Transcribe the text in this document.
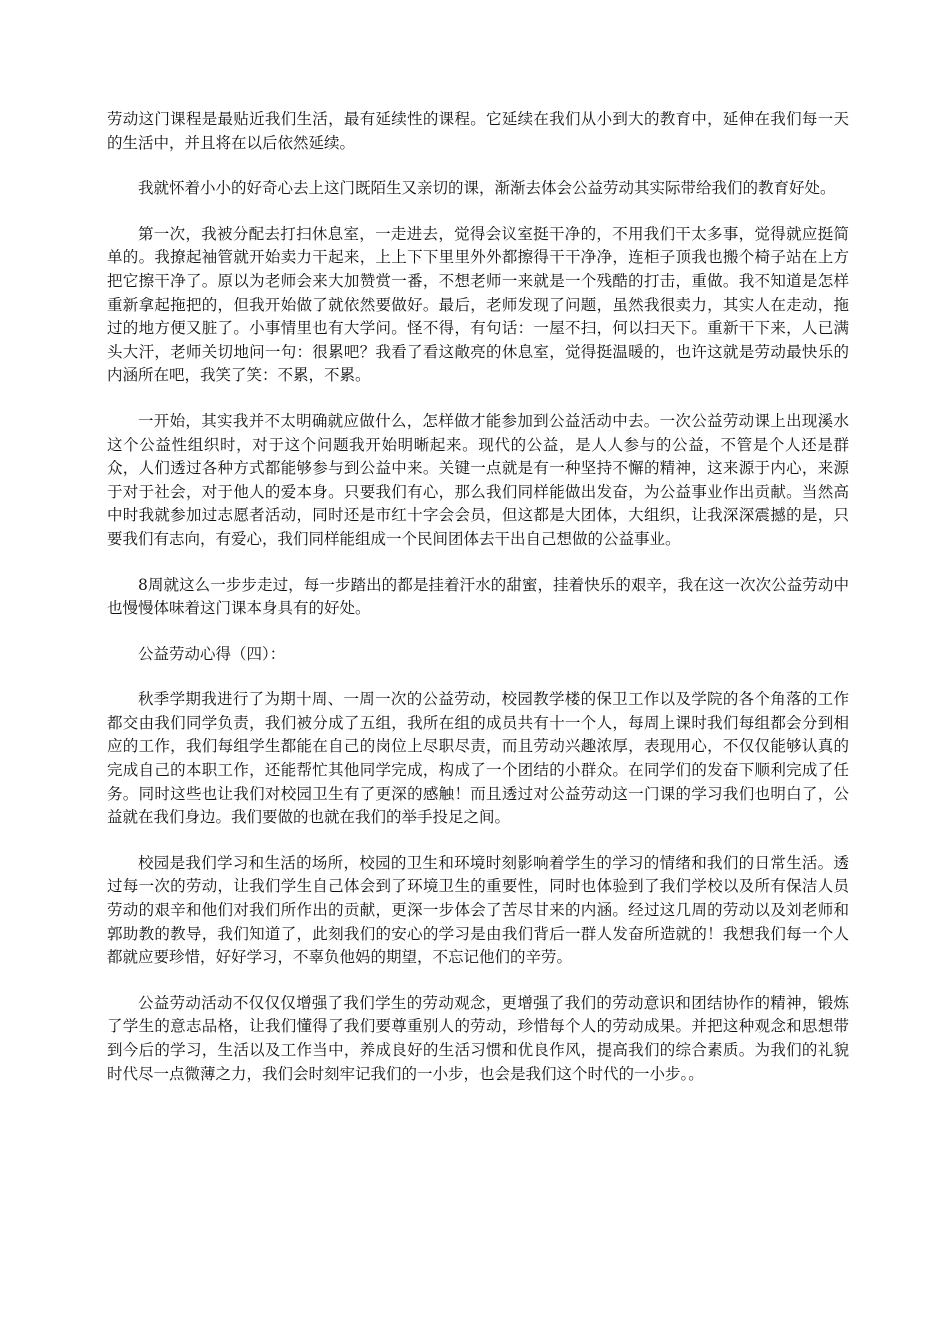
劳动这门课程是最贴近我们生活，最有延续性的课程。它延续在我们从小到大的教育中，延伸在我们每一天的生活中，并且将在以后依然延续。

我就怀着小小的好奇心去上这门既陌生又亲切的课，渐渐去体会公益劳动其实际带给我们的教育好处。

第一次，我被分配去打扫休息室，一走进去，觉得会议室挺干净的，不用我们干太多事，觉得就应挺简单的。我撩起袖管就开始卖力干起来，上上下下里里外外都擦得干干净净，连柜子顶我也搬个椅子站在上方把它擦干净了。原以为老师会来大加赞赏一番，不想老师一来就是一个残酷的打击，重做。我不知道是怎样重新拿起拖把的，但我开始做了就依然要做好。最后，老师发现了问题，虽然我很卖力，其实人在走动，拖过的地方便又脏了。小事情里也有大学问。怪不得，有句话：一屋不扫，何以扫天下。重新干下来，人已满头大汗，老师关切地问一句：很累吧？我看了看这敞亮的休息室，觉得挺温暖的，也许这就是劳动最快乐的内涵所在吧，我笑了笑：不累，不累。

一开始，其实我并不太明确就应做什么，怎样做才能参加到公益活动中去。一次公益劳动课上出现溪水这个公益性组织时，对于这个问题我开始明晰起来。现代的公益，是人人参与的公益，不管是个人还是群众，人们透过各种方式都能够参与到公益中来。关键一点就是有一种坚持不懈的精神，这来源于内心，来源于对于社会，对于他人的爱本身。只要我们有心，那么我们同样能做出发奋，为公益事业作出贡献。当然高中时我就参加过志愿者活动，同时还是市红十字会会员，但这都是大团体，大组织，让我深深震撼的是，只要我们有志向，有爱心，我们同样能组成一个民间团体去干出自己想做的公益事业。

8周就这么一步步走过，每一步踏出的都是挂着汗水的甜蜜，挂着快乐的艰辛，我在这一次次公益劳动中也慢慢体味着这门课本身具有的好处。

公益劳动心得（四）：

秋季学期我进行了为期十周、一周一次的公益劳动，校园教学楼的保卫工作以及学院的各个角落的工作都交由我们同学负责，我们被分成了五组，我所在组的成员共有十一个人，每周上课时我们每组都会分到相应的工作，我们每组学生都能在自己的岗位上尽职尽责，而且劳动兴趣浓厚，表现用心，不仅仅能够认真的完成自己的本职工作，还能帮忙其他同学完成，构成了一个团结的小群众。在同学们的发奋下顺利完成了任务。同时这些也让我们对校园卫生有了更深的感触！而且透过对公益劳动这一门课的学习我们也明白了，公益就在我们身边。我们要做的也就在我们的举手投足之间。

校园是我们学习和生活的场所，校园的卫生和环境时刻影响着学生的学习的情绪和我们的日常生活。透过每一次的劳动，让我们学生自己体会到了环境卫生的重要性，同时也体验到了我们学校以及所有保洁人员劳动的艰辛和他们对我们所作出的贡献，更深一步体会了苦尽甘来的内涵。经过这几周的劳动以及刘老师和郭助教的教导，我们知道了，此刻我们的安心的学习是由我们背后一群人发奋所造就的！我想我们每一个人都就应要珍惜，好好学习，不辜负他妈的期望，不忘记他们的辛劳。

公益劳动活动不仅仅仅增强了我们学生的劳动观念，更增强了我们的劳动意识和团结协作的精神，锻炼了学生的意志品格，让我们懂得了我们要尊重别人的劳动，珍惜每个人的劳动成果。并把这种观念和思想带到今后的学习，生活以及工作当中，养成良好的生活习惯和优良作风，提高我们的综合素质。为我们的礼貌时代尽一点微薄之力，我们会时刻牢记我们的一小步，也会是我们这个时代的一小步。。
